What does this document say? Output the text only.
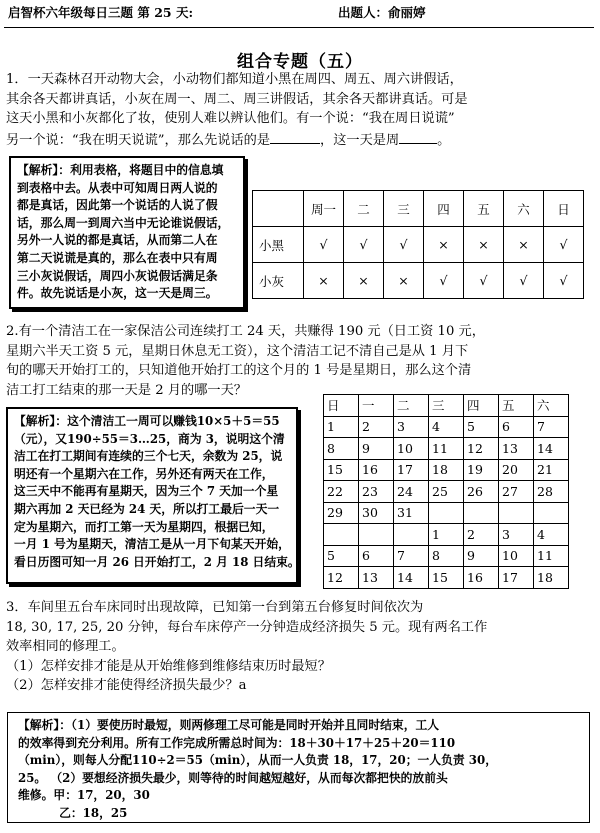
启智杯六年级每日三题 第 25 天:	出题人：俞丽婷
组合专题（五）
1．一天森林召开动物大会，小动物们都知道小黑在周四、周五、周六讲假话，
其余各天都讲真话，小灰在周一、周二、周三讲假话，其余各天都讲真话。可是
这天小黑和小灰都化了妆，使别人难以辨认他们。有一个说：“我在周日说谎”
另一个说：“我在明天说谎”，那么先说话的是	，这一天是周	。
【解析】：利用表格，将题目中的信息填
到表格中去。从表中可知周日两人说的
都是真话，因此第一个说话的人说了假
话，那么周一到周六当中无论谁说假话，
另外一人说的都是真话，从而第二人在
第二天说谎是真的，那么在表中只有周
三小灰说假话，周四小灰说假话满足条
件。故先说话是小灰，这一天是周三。
	周一	二	三	四	五	六	日
小黑	√	√	√	×	×	×	√
小灰	×	×	×	√	√	√	√
2.有一个清洁工在一家保洁公司连续打工 24 天，共赚得 190 元（日工资 10 元，
星期六半天工资 5 元，星期日休息无工资），这个清洁工记不清自己是从 1 月下
旬的哪天开始打工的，只知道他开始打工的这个月的 1 号是星期日，那么这个清
洁工打工结束的那一天是 2 月的哪一天？
【解析】：这个清洁工一周可以赚钱10×5＋5＝55
（元），又190÷55＝3…25，商为 3，说明这个清
洁工在打工期间有连续的三个七天，余数为 25，说
明还有一个星期六在工作，另外还有两天在工作，
这三天中不能再有星期天，因为三个 7 天加一个星
期六再加 2 天已经为 24 天，所以打工最后一天一
定为星期六，而打工第一天为星期四，根据已知，
一月 1 号为星期天，清洁工是从一月下旬某天开始，
看日历图可知一月 26 日开始打工，2 月 18 日结束。
日	一	二	三	四	五	六
1	2	3	4	5	6	7
8	9	10	11	12	13	14
15	16	17	18	19	20	21
22	23	24	25	26	27	28
29	30	31				
			1	2	3	4
5	6	7	8	9	10	11
12	13	14	15	16	17	18
3．车间里五台车床同时出现故障，已知第一台到第五台修复时间依次为
18, 30, 17, 25, 20 分钟，每台车床停产一分钟造成经济损失 5 元。现有两名工作
效率相同的修理工。
（1）怎样安排才能是从开始维修到维修结束历时最短？
（2）怎样安排才能使得经济损失最少？a
【解析】：（1）要使历时最短，则两修理工尽可能是同时开始并且同时结束，工人
的效率得到充分利用。所有工作完成所需总时间为：18＋30＋17＋25＋20＝110
（min），则每人分配110÷2＝55（min），从而一人负责 18，17，20；一人负责 30，
25。 （2）要想经济损失最少，则等待的时间越短越好，从而每次都把快的放前头
维修。甲：17，20，30
乙：18，25
